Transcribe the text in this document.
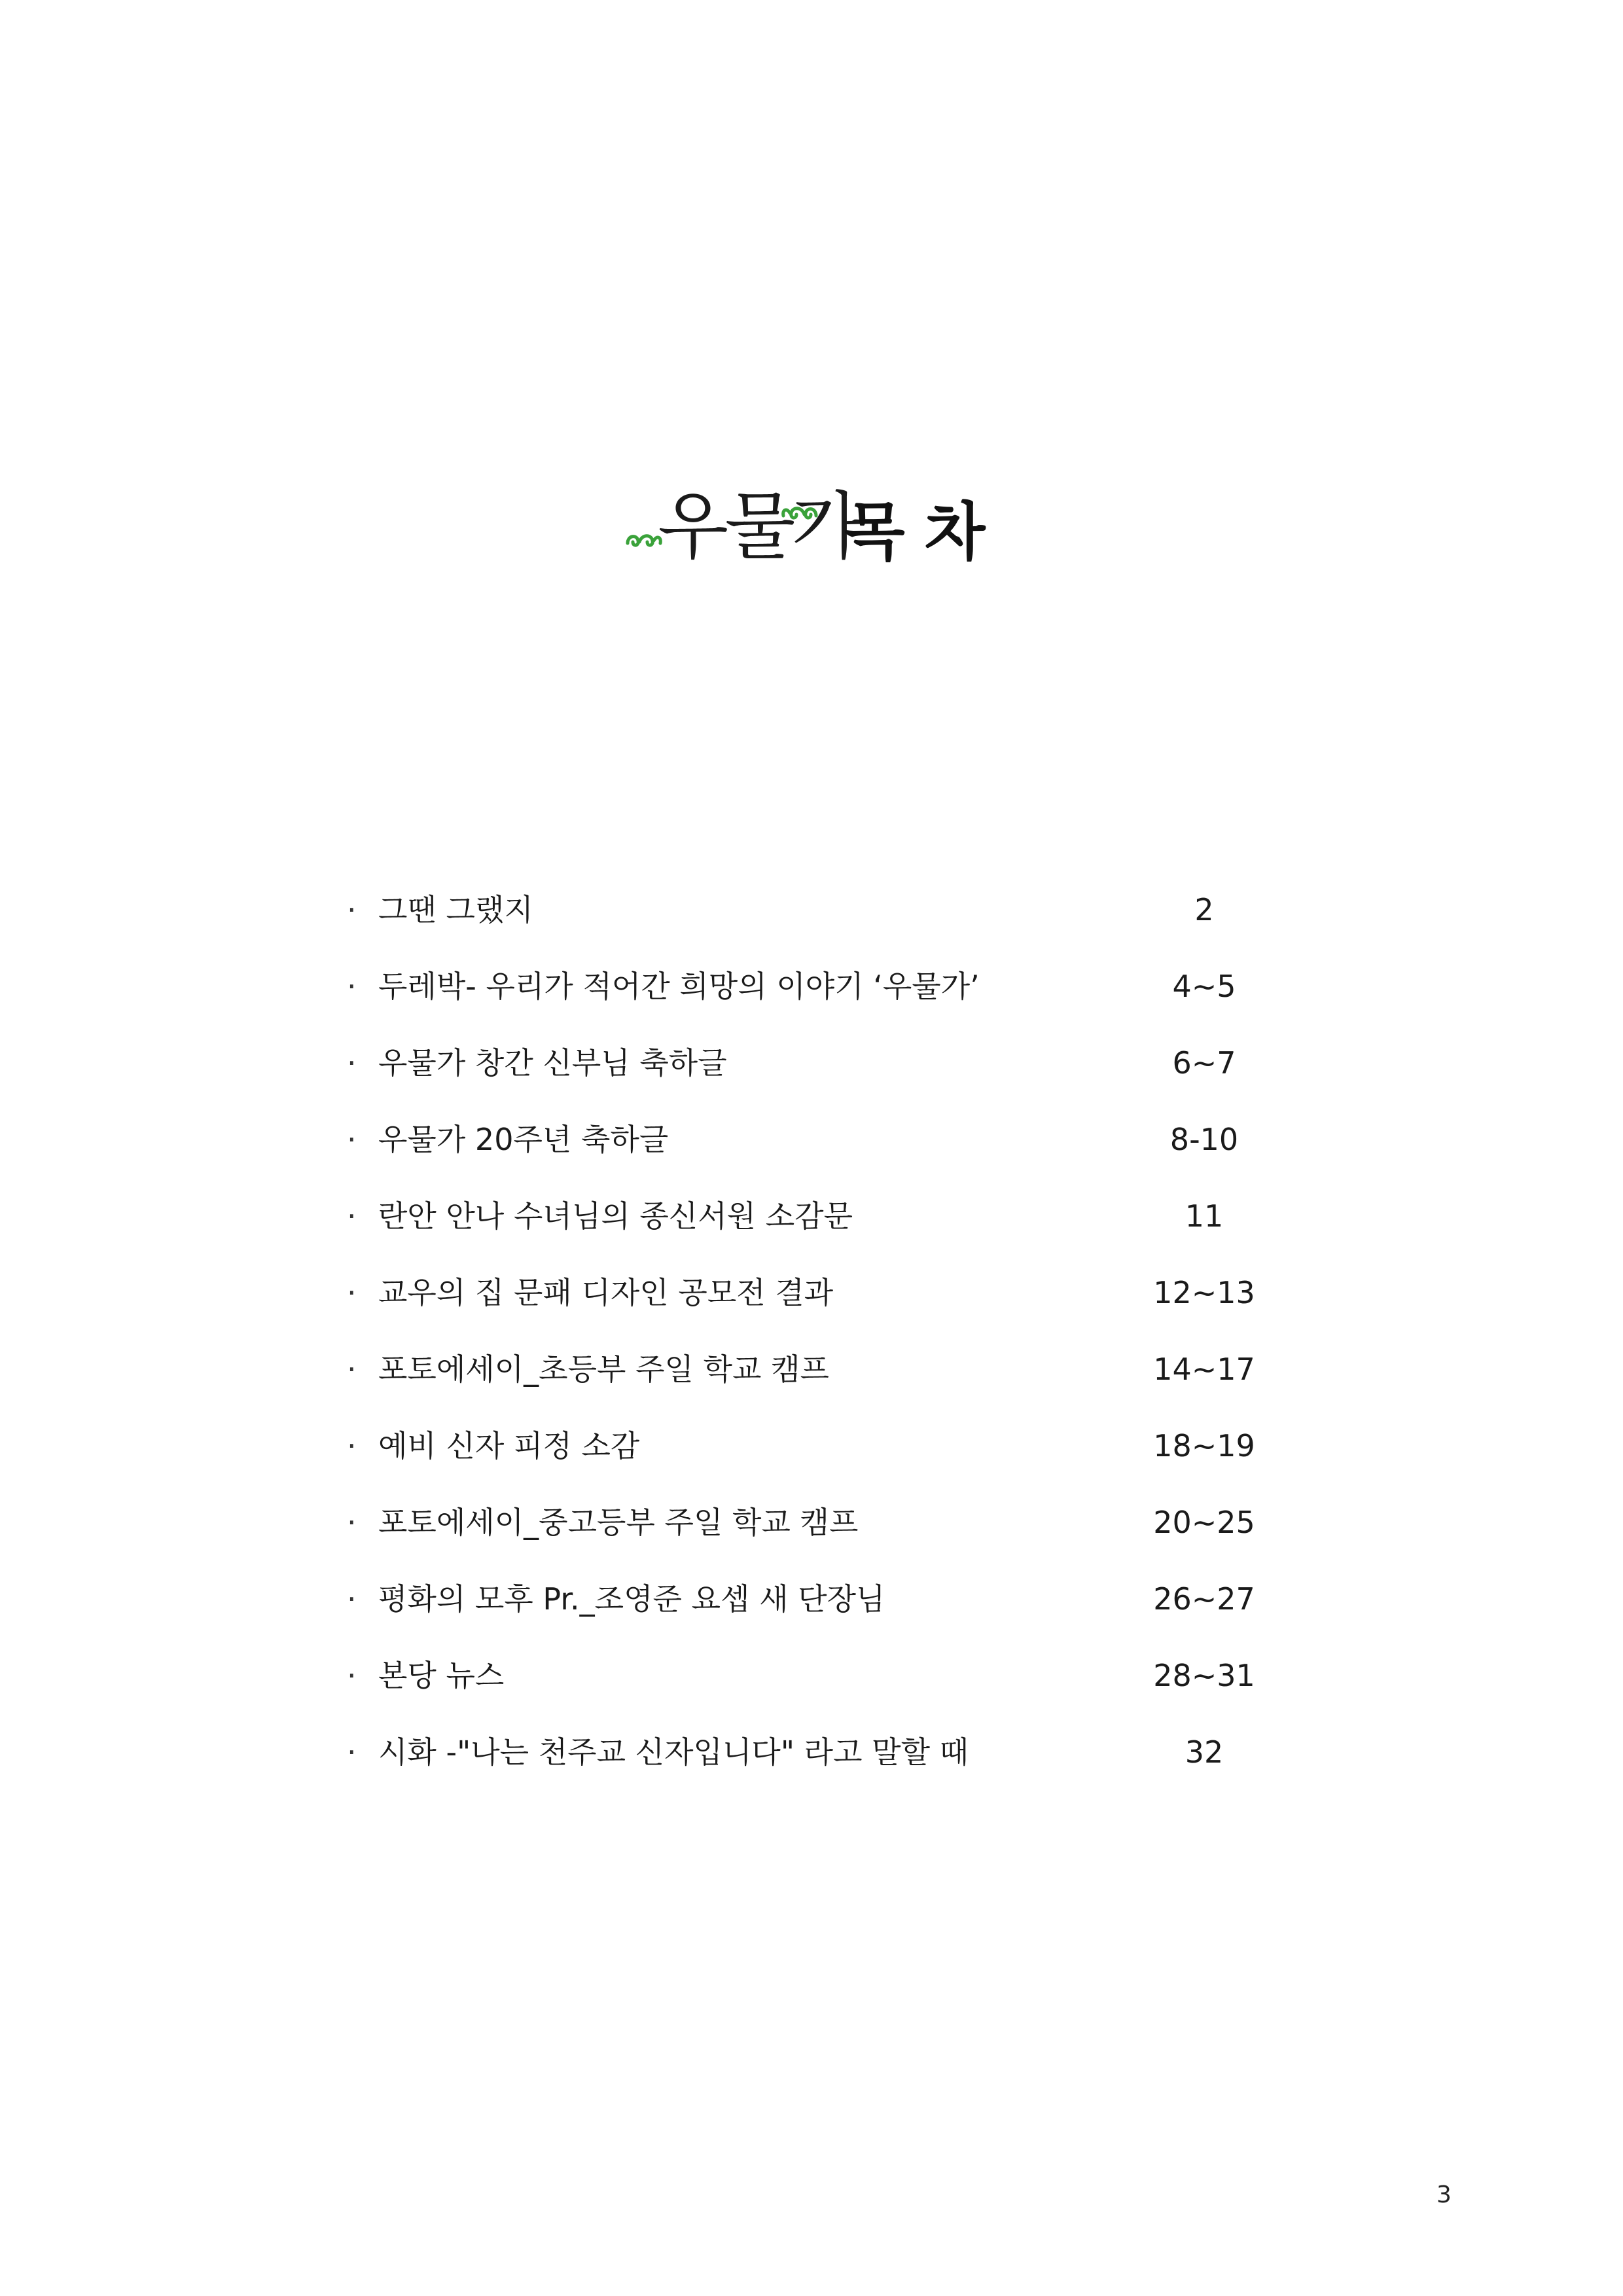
우물가
목차
· 그땐 그랬지	2
· 두레박- 우리가 적어간 희망의 이야기 ‘우물가’	4~5
· 우물가 창간 신부님 축하글	6~7
· 우물가 20주년 축하글	8-10
· 란안 안나 수녀님의 종신서원 소감문	11
· 교우의 집 문패 디자인 공모전 결과	12~13
· 포토에세이_초등부 주일 학교 캠프	14~17
· 예비 신자 피정 소감	18~19
· 포토에세이_중고등부 주일 학교 캠프	20~25
· 평화의 모후 Pr._조영준 요셉 새 단장님	26~27
· 본당 뉴스	28~31
· 시화 -"나는 천주교 신자입니다" 라고 말할 때	32
3
